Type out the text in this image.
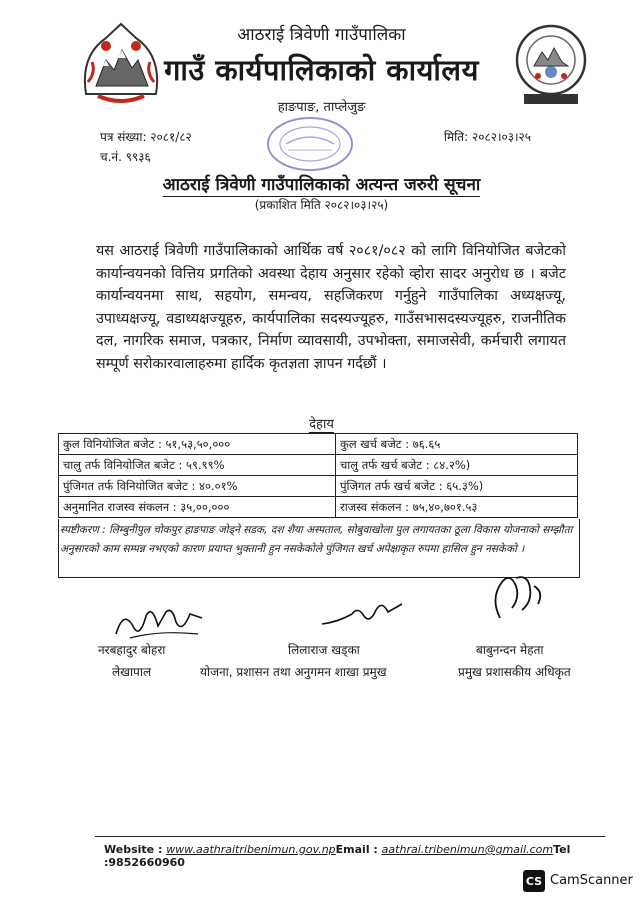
आठराई त्रिवेणी गाउँपालिका
गाउँ कार्यपालिकाको कार्यालय
हाङपाङ, ताप्लेजुङ
पत्र संख्या: २०८१/८२
च.नं. ९९३६
मिति: २०८२।०३।२५
आठराई त्रिवेणी गाउँपालिकाको अत्यन्त जरुरी सूचना
(प्रकाशित मिति २०८२।०३।२५)
यस आठराई त्रिवेणी गाउँपालिकाको आर्थिक वर्ष २०८१/०८२ को लागि विनियोजित बजेटको कार्यान्वयनको वित्तिय प्रगतिको अवस्था देहाय अनुसार रहेको व्होरा सादर अनुरोध छ । बजेट कार्यान्वयनमा साथ, सहयोग, समन्वय, सहजिकरण गर्नुहुने गाउँपालिका अध्यक्षज्यू, उपाध्यक्षज्यू, वडाध्यक्षज्यूहरु, कार्यपालिका सदस्यज्यूहरु, गाउँसभासदस्यज्यूहरु, राजनीतिक दल, नागरिक समाज, पत्रकार, निर्माण व्यावसायी, उपभोक्ता, समाजसेवी, कर्मचारी लगायत सम्पूर्ण सरोकारवालाहरुमा हार्दिक कृतज्ञता ज्ञापन गर्दछौं ।
देहाय
कुल विनियोजित बजेट : ५१,५३,५०,०००	कुल खर्च बजेट : ७६.६५
चालु तर्फ विनियोजित बजेट : ५९.९९%	चालु तर्फ खर्च बजेट : ८४.२%)
पुंजिगत तर्फ विनियोजित बजेट : ४०.०१%	पुंजिगत तर्फ खर्च बजेट : ६५.३%)
अनुमानित राजस्व संकलन : ३५,००,०००	राजस्व संकलन : ७५,४०,७०१.५३
स्पष्टीकरण : लिम्बुनीपुल चोकपुर हाङपाङ जोड्ने सडक, दश शैया अस्पताल, सोबुवाखोला पुल लगायतका ठूला विकास योजनाको सम्झौता अनुसारको काम सम्पन्न नभएको कारण प्रयाप्त भुक्तानी हुन नसकेकोले पुंजिगत खर्च अपेक्षाकृत रुपमा हासिल हुन नसकेको ।
नरबहादुर बोहरा
लेखापाल
लिलाराज खड्का
योजना, प्रशासन तथा अनुगमन शाखा प्रमुख
बाबुनन्दन मेहता
प्रमुख प्रशासकीय अधिकृत
Website : www.aathraitribenimun.gov.npEmail : aathrai.tribenimun@gmail.comTel :9852660960
CS CamScanner
